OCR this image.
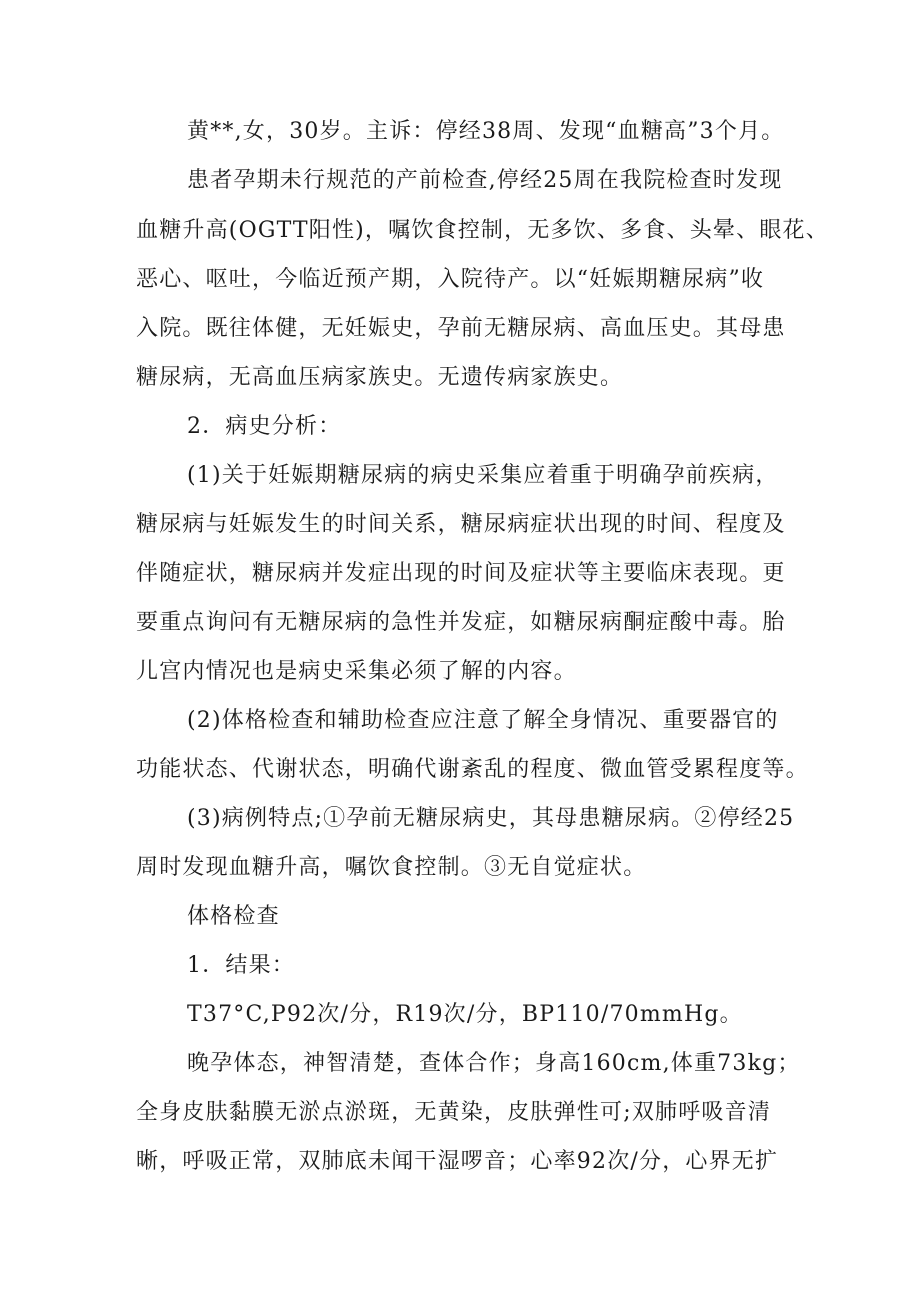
黄**,女，30岁。主诉：停经38周、发现“血糖高”3个月。
患者孕期未行规范的产前检查,停经25周在我院检查时发现
血糖升高(OGTT阳性)，嘱饮食控制，无多饮、多食、头晕、眼花、
恶心、呕吐，今临近预产期，入院待产。以“妊娠期糖尿病”收
入院。既往体健，无妊娠史，孕前无糖尿病、高血压史。其母患
糖尿病，无高血压病家族史。无遗传病家族史。
2．病史分析：
(1)关于妊娠期糖尿病的病史采集应着重于明确孕前疾病，
糖尿病与妊娠发生的时间关系，糖尿病症状出现的时间、程度及
伴随症状，糖尿病并发症出现的时间及症状等主要临床表现。更
要重点询问有无糖尿病的急性并发症，如糖尿病酮症酸中毒。胎
儿宫内情况也是病史采集必须了解的内容。
(2)体格检查和辅助检查应注意了解全身情况、重要器官的
功能状态、代谢状态，明确代谢紊乱的程度、微血管受累程度等。
(3)病例特点;①孕前无糖尿病史，其母患糖尿病。②停经25
周时发现血糖升高，嘱饮食控制。③无自觉症状。
体格检查
1．结果：
T37°C,P92次/分，R19次/分，BP110/70mmHg。
晚孕体态，神智清楚，查体合作；身高160cm,体重73kg；
全身皮肤黏膜无淤点淤斑，无黄染，皮肤弹性可;双肺呼吸音清
晰，呼吸正常，双肺底未闻干湿啰音；心率92次/分，心界无扩
